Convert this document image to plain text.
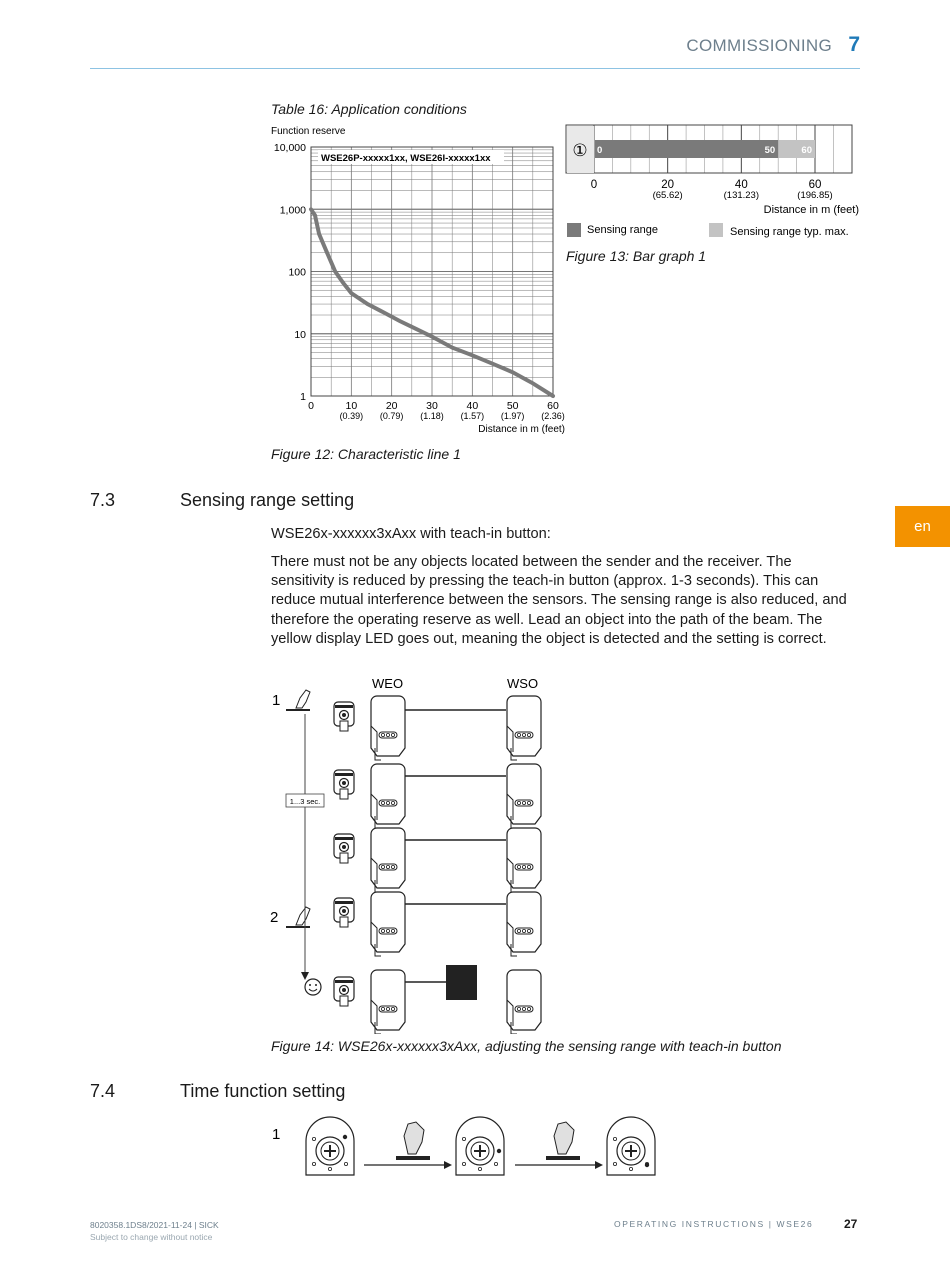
COMMISSIONING 7
en
Table 16: Application conditions
Function reserve
WSE26P-xxxxx1xx, WSE26I-xxxxx1xx
10,000
1,000
100
10
1
0	10
(0.39)
20
(0.79)
30
(1.18)
40
(1.57)
50
(1.97)
60
(2.36)
Distance in m (feet)
Figure 12: Characteristic line 1
① 0	50	60
0	20
(65.62)
40
(131.23)
60
(196.85)
Distance in m (feet)
Sensing range	Sensing range typ. max.
Figure 13: Bar graph 1
7.3	Sensing range setting
WSE26x-xxxxxx3xAxx with teach-in button:
There must not be any objects located between the sender and the receiver. The sensitivity is reduced by pressing the teach-in button (approx. 1-3 seconds). This can reduce mutual interference between the sensors. The sensing range is also reduced, and therefore the operating reserve as well. Lead an object into the path of the beam. The yellow display LED goes out, meaning the object is detected and the setting is correct.
WEO	WSO
1
2
1...3 sec.
Figure 14: WSE26x-xxxxxx3xAxx, adjusting the sensing range with teach-in button
7.4	Time function setting
1
8020358.1DS8/2021-11-24 | SICK
Subject to change without notice
OPERATING INSTRUCTIONS | WSE26	27
